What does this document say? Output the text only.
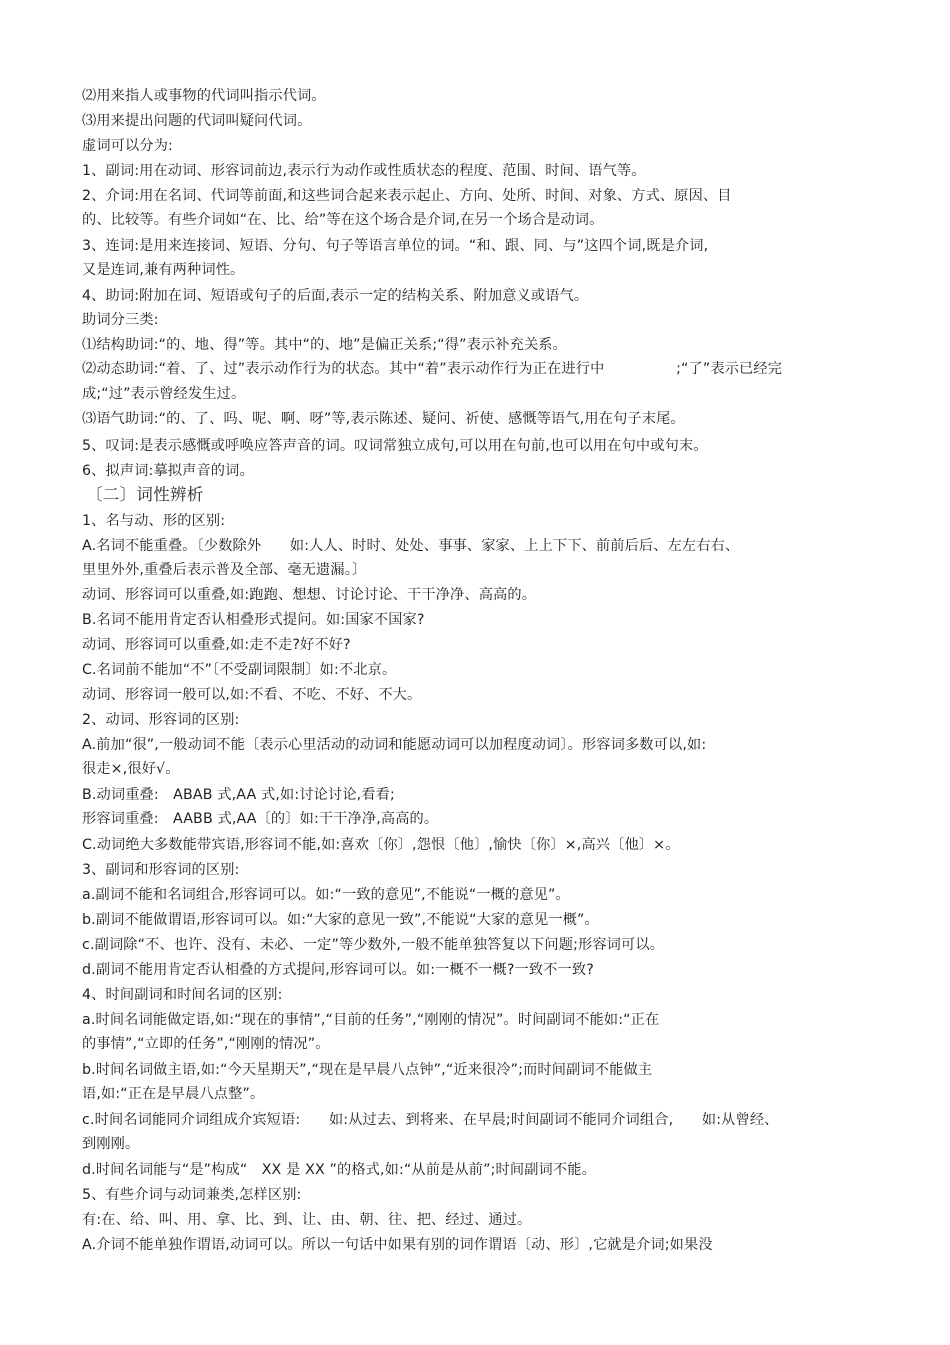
⑵用来指人或事物的代词叫指示代词。
⑶用来提出问题的代词叫疑问代词。
虚词可以分为:
1、副词:用在动词、形容词前边,表示行为动作或性质状态的程度、范围、时间、语气等。
2、介词:用在名词、代词等前面,和这些词合起来表示起止、方向、处所、时间、对象、方式、原因、目
的、比较等。有些介词如“在、比、给”等在这个场合是介词,在另一个场合是动词。
3、连词:是用来连接词、短语、分句、句子等语言单位的词。“和、跟、同、与”这四个词,既是介词,
又是连词,兼有两种词性。
4、助词:附加在词、短语或句子的后面,表示一定的结构关系、附加意义或语气。
助词分三类:
⑴结构助词:“的、地、得”等。其中“的、地”是偏正关系;“得”表示补充关系。
⑵动态助词:“着、了、过”表示动作行为的状态。其中“着”表示动作行为正在进行中　　　　　;“了”表示已经完
成;“过”表示曾经发生过。
⑶语气助词:“的、了、吗、呢、啊、呀”等,表示陈述、疑问、祈使、感慨等语气,用在句子末尾。
5、叹词:是表示感慨或呼唤应答声音的词。叹词常独立成句,可以用在句前,也可以用在句中或句末。
6、拟声词:摹拟声音的词。
〔二〕词性辨析
1、名与动、形的区别:
A.名词不能重叠。〔少数除外　　如:人人、时时、处处、事事、家家、上上下下、前前后后、左左右右、
里里外外,重叠后表示普及全部、毫无遗漏。〕
动词、形容词可以重叠,如:跑跑、想想、讨论讨论、干干净净、高高的。
B.名词不能用肯定否认相叠形式提问。如:国家不国家?
动词、形容词可以重叠,如:走不走?好不好?
C.名词前不能加“不”〔不受副词限制〕如:不北京。
动词、形容词一般可以,如:不看、不吃、不好、不大。
2、动词、形容词的区别:
A.前加“很”,一般动词不能〔表示心里活动的动词和能愿动词可以加程度动词〕。形容词多数可以,如:
很走×,很好√。
B.动词重叠:　ABAB 式,AA 式,如:讨论讨论,看看;
形容词重叠:　AABB 式,AA〔的〕如:干干净净,高高的。
C.动词绝大多数能带宾语,形容词不能,如:喜欢〔你〕,怨恨〔他〕,愉快〔你〕×,高兴〔他〕×。
3、副词和形容词的区别:
a.副词不能和名词组合,形容词可以。如:“一致的意见”,不能说“一概的意见”。
b.副词不能做谓语,形容词可以。如:“大家的意见一致”,不能说“大家的意见一概”。
c.副词除“不、也许、没有、未必、一定”等少数外,一般不能单独答复以下问题;形容词可以。
d.副词不能用肯定否认相叠的方式提问,形容词可以。如:一概不一概?一致不一致?
4、时间副词和时间名词的区别:
a.时间名词能做定语,如:“现在的事情”,“目前的任务”,“刚刚的情况”。时间副词不能如:“正在
的事情”,“立即的任务”,“刚刚的情况”。
b.时间名词做主语,如:“今天星期天”,“现在是早晨八点钟”,“近来很冷”;而时间副词不能做主
语,如:“正在是早晨八点整”。
c.时间名词能同介词组成介宾短语:　　如:从过去、到将来、在早晨;时间副词不能同介词组合,　　如:从曾经、
到刚刚。
d.时间名词能与“是”构成“　XX 是 XX ”的格式,如:“从前是从前”;时间副词不能。
5、有些介词与动词兼类,怎样区别:
有:在、给、叫、用、拿、比、到、让、由、朝、往、把、经过、通过。
A.介词不能单独作谓语,动词可以。所以一句话中如果有别的词作谓语〔动、形〕,它就是介词;如果没
